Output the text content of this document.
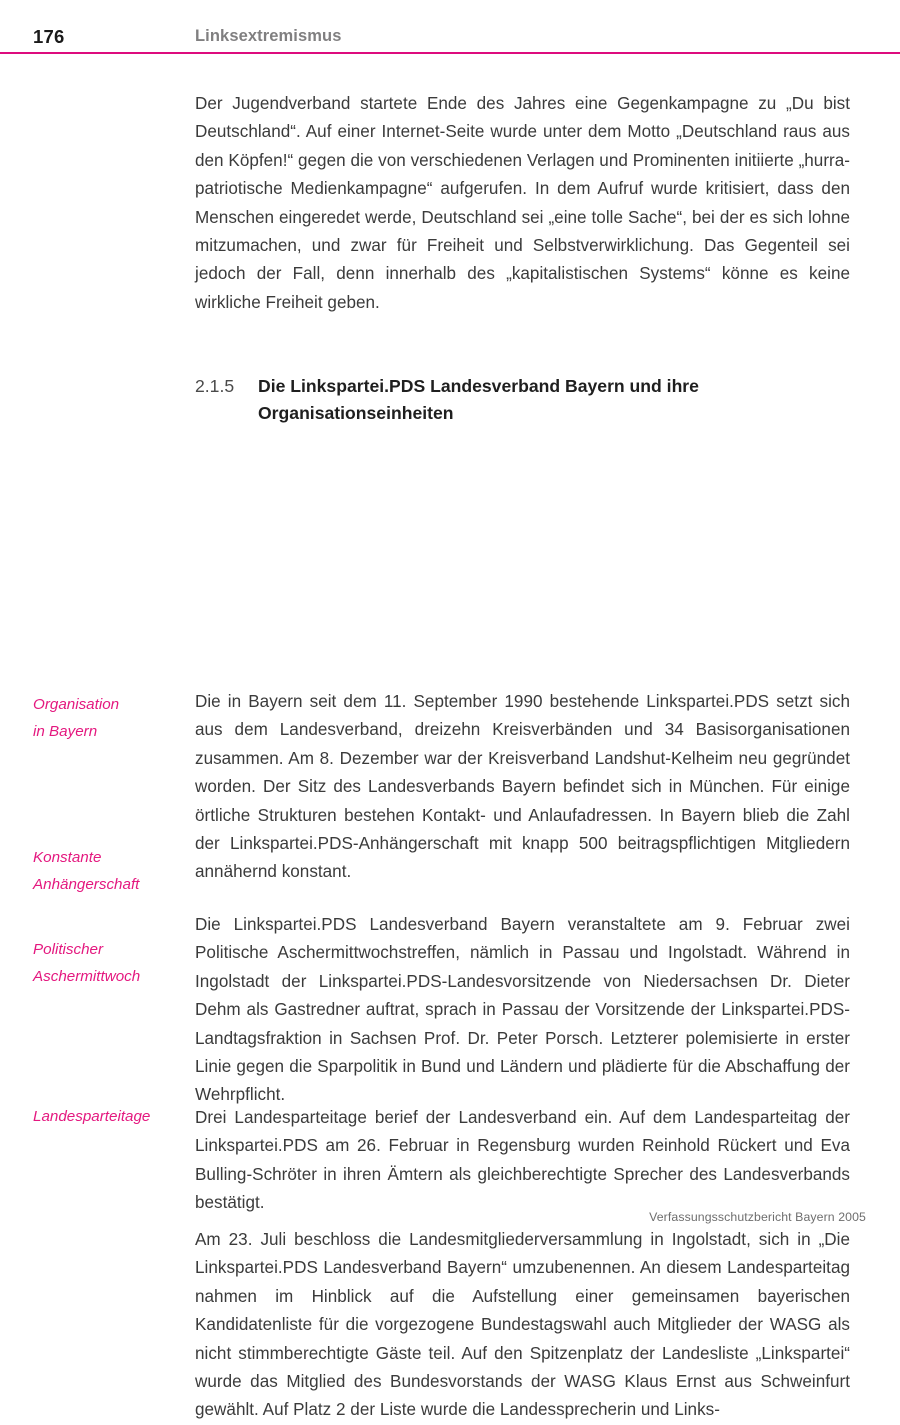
176	Linksextremismus

Der Jugendverband startete Ende des Jahres eine Gegenkampagne zu „Du bist Deutschland“. Auf einer Internet-Seite wurde unter dem Motto „Deutschland raus aus den Köpfen!“ gegen die von verschiedenen Verlagen und Prominenten initiierte „hurra-patriotische Medienkampagne“ aufgerufen. In dem Aufruf wurde kritisiert, dass den Menschen eingeredet werde, Deutschland sei „eine tolle Sache“, bei der es sich lohne mitzumachen, und zwar für Freiheit und Selbstverwirklichung. Das Gegenteil sei jedoch der Fall, denn innerhalb des „kapitalistischen Systems“ könne es keine wirkliche Freiheit geben.

2.1.5	Die Linkspartei.PDS Landesverband Bayern und ihre
Organisationseinheiten
Organisation
in Bayern
Konstante
Anhängerschaft

Die in Bayern seit dem 11. September 1990 bestehende Linkspartei.PDS setzt sich aus dem Landesverband, dreizehn Kreisverbänden und 34 Basisorganisationen zusammen. Am 8. Dezember war der Kreisverband Landshut-Kelheim neu gegründet worden. Der Sitz des Landesverbands Bayern befindet sich in München. Für einige örtliche Strukturen bestehen Kontakt- und Anlaufadressen. In Bayern blieb die Zahl der Linkspartei.PDS-Anhängerschaft mit knapp 500 beitragspflichtigen Mitgliedern annähernd konstant.

Politischer
Aschermittwoch

Die Linkspartei.PDS Landesverband Bayern veranstaltete am 9. Februar zwei Politische Aschermittwochstreffen, nämlich in Passau und Ingolstadt. Während in Ingolstadt der Linkspartei.PDS-Landesvorsitzende von Niedersachsen Dr. Dieter Dehm als Gastredner auftrat, sprach in Passau der Vorsitzende der Linkspartei.PDS-Landtagsfraktion in Sachsen Prof. Dr. Peter Porsch. Letzterer polemisierte in erster Linie gegen die Sparpolitik in Bund und Ländern und plädierte für die Abschaffung der Wehrpflicht.

Landesparteitage	Drei Landesparteitage berief der Landesverband ein. Auf dem Landesparteitag der Linkspartei.PDS am 26. Februar in Regensburg wurden Reinhold Rückert und Eva Bulling-Schröter in ihren Ämtern als gleichberechtigte Sprecher des Landesverbands bestätigt.

Am 23. Juli beschloss die Landesmitgliederversammlung in Ingolstadt, sich in „Die Linkspartei.PDS Landesverband Bayern“ umzubenennen. An diesem Landesparteitag nahmen im Hinblick auf die Aufstellung einer gemeinsamen bayerischen Kandidatenliste für die vorgezogene Bundestagswahl auch Mitglieder der WASG als nicht stimmberechtigte Gäste teil. Auf den Spitzenplatz der Landesliste „Linkspartei“ wurde das Mitglied des Bundesvorstands der WASG Klaus Ernst aus Schweinfurt gewählt. Auf Platz 2 der Liste wurde die Landessprecherin und Links-

Verfassungsschutzbericht Bayern 2005
